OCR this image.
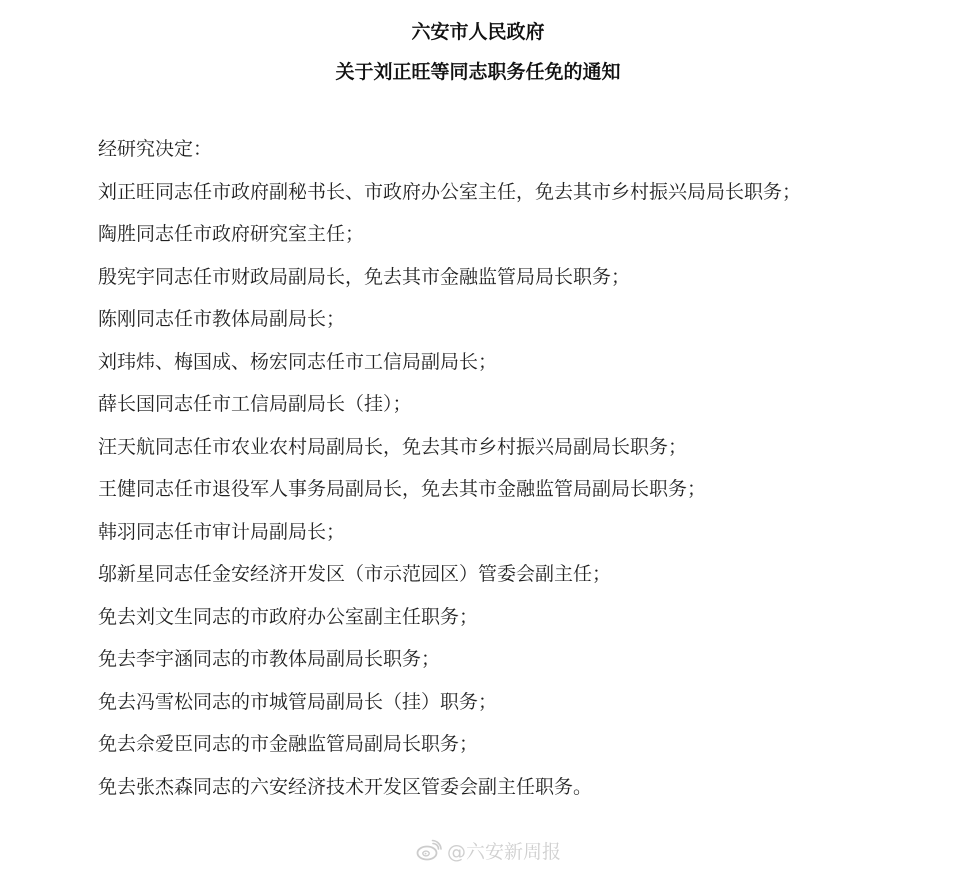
六安市人民政府
关于刘正旺等同志职务任免的通知

经研究决定：

刘正旺同志任市政府副秘书长、市政府办公室主任，免去其市乡村振兴局局长职务；

陶胜同志任市政府研究室主任；

殷宪宇同志任市财政局副局长，免去其市金融监管局局长职务；

陈刚同志任市教体局副局长；

刘玮炜、梅国成、杨宏同志任市工信局副局长；

薛长国同志任市工信局副局长（挂）；

汪天航同志任市农业农村局副局长，免去其市乡村振兴局副局长职务；

王健同志任市退役军人事务局副局长，免去其市金融监管局副局长职务；

韩羽同志任市审计局副局长；

邬新星同志任金安经济开发区（市示范园区）管委会副主任；

免去刘文生同志的市政府办公室副主任职务；

免去李宇涵同志的市教体局副局长职务；

免去冯雪松同志的市城管局副局长（挂）职务；

免去佘爱臣同志的市金融监管局副局长职务；

免去张杰森同志的六安经济技术开发区管委会副主任职务。

@六安新周报
